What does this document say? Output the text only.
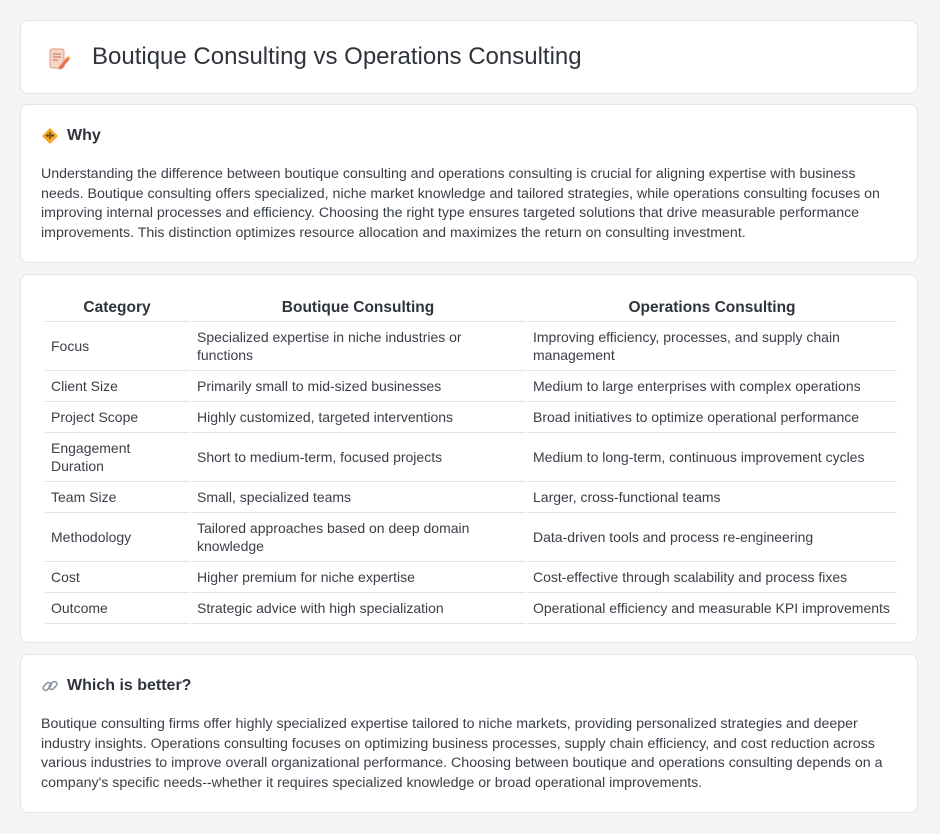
Boutique Consulting vs Operations Consulting
Why

Understanding the difference between boutique consulting and operations consulting is crucial for aligning expertise with business needs. Boutique consulting offers specialized, niche market knowledge and tailored strategies, while operations consulting focuses on improving internal processes and efficiency. Choosing the right type ensures targeted solutions that drive measurable performance improvements. This distinction optimizes resource allocation and maximizes the return on consulting investment.

Category	Boutique Consulting	Operations Consulting
Focus	Specialized expertise in niche industries or functions	Improving efficiency, processes, and supply chain management
Client Size	Primarily small to mid-sized businesses	Medium to large enterprises with complex operations
Project Scope	Highly customized, targeted interventions	Broad initiatives to optimize operational performance
Engagement Duration	Short to medium-term, focused projects	Medium to long-term, continuous improvement cycles
Team Size	Small, specialized teams	Larger, cross-functional teams
Methodology	Tailored approaches based on deep domain knowledge	Data-driven tools and process re-engineering
Cost	Higher premium for niche expertise	Cost-effective through scalability and process fixes
Outcome	Strategic advice with high specialization	Operational efficiency and measurable KPI improvements
Which is better?

Boutique consulting firms offer highly specialized expertise tailored to niche markets, providing personalized strategies and deeper industry insights. Operations consulting focuses on optimizing business processes, supply chain efficiency, and cost reduction across various industries to improve overall organizational performance. Choosing between boutique and operations consulting depends on a company's specific needs--whether it requires specialized knowledge or broad operational improvements.
